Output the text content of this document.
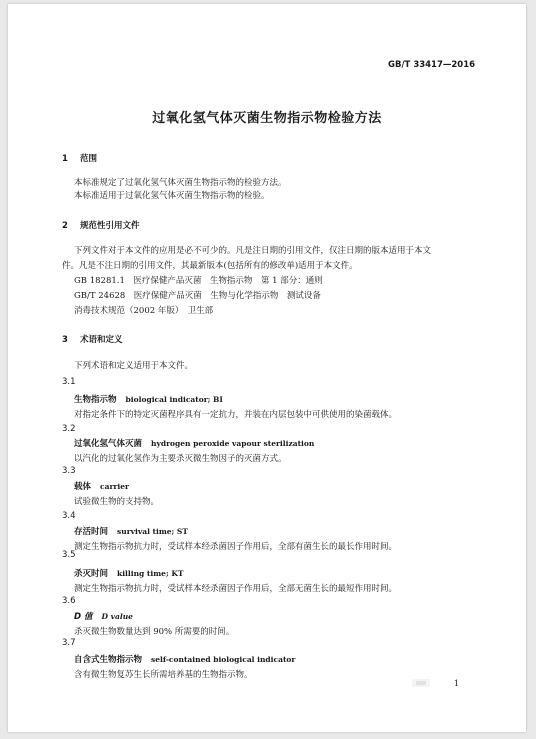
GB/T 33417—2016
过氧化氢气体灭菌生物指示物检验方法
1 范围
本标准规定了过氧化氢气体灭菌生物指示物的检验方法。
本标准适用于过氧化氢气体灭菌生物指示物的检验。
2 规范性引用文件
下列文件对于本文件的应用是必不可少的。凡是注日期的引用文件，仅注日期的版本适用于本文
件。凡是不注日期的引用文件，其最新版本(包括所有的修改单)适用于本文件。
GB 18281.1　医疗保健产品灭菌　生物指示物　第 1 部分：通则
GB/T 24628　医疗保健产品灭菌　生物与化学指示物　测试设备
消毒技术规范（2002 年版）　卫生部
3 术语和定义
下列术语和定义适用于本文件。
3.1
生物指示物 biological indicator; BI
对指定条件下的特定灭菌程序具有一定抗力，并装在内层包装中可供使用的染菌载体。
3.2
过氧化氢气体灭菌 hydrogen peroxide vapour sterilization
以汽化的过氧化氢作为主要杀灭微生物因子的灭菌方式。
3.3
载体 carrier
试验微生物的支持物。
3.4
存活时间 survival time; ST
测定生物指示物抗力时，受试样本经杀菌因子作用后，全部有菌生长的最长作用时间。
3.5
杀灭时间 killing time; KT
测定生物指示物抗力时，受试样本经杀菌因子作用后，全部无菌生长的最短作用时间。
3.6
D 值 D value
杀灭微生物数量达到 90% 所需要的时间。
3.7
自含式生物指示物 self-contained biological indicator
含有微生物复苏生长所需培养基的生物指示物。
1
